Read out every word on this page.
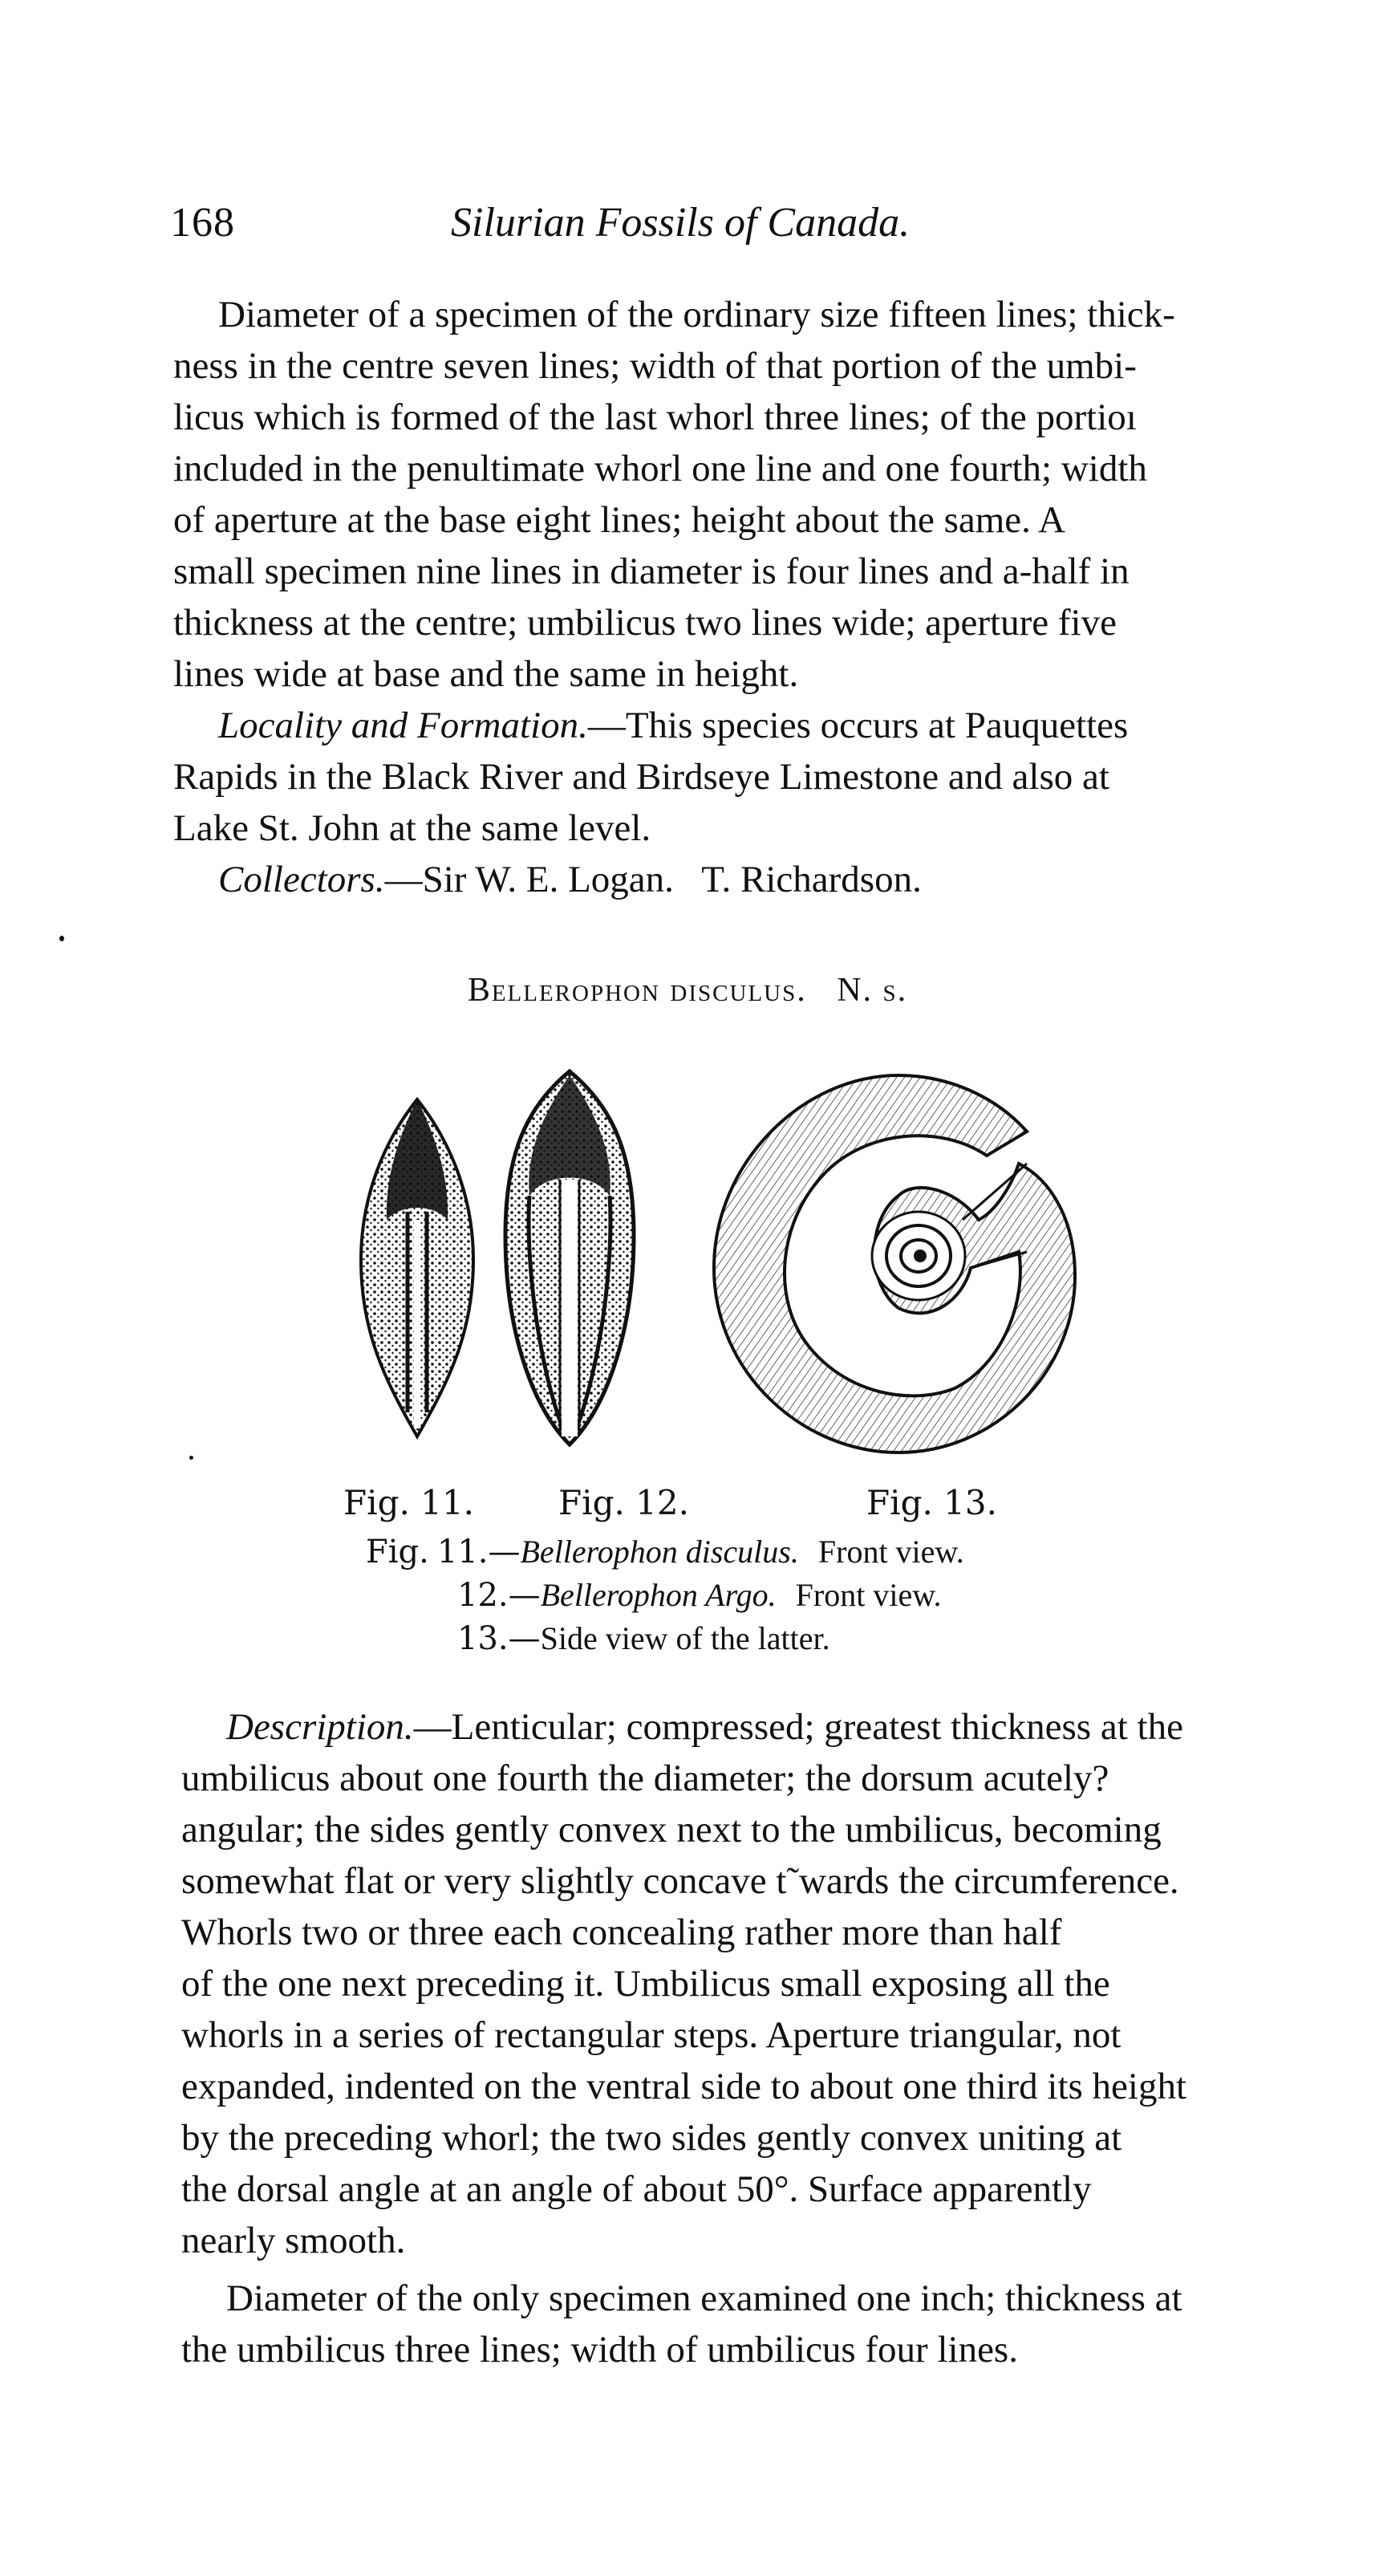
168	Silurian Fossils of Canada.
Diameter of a specimen of the ordinary size fifteen lines; thick-
ness in the centre seven lines; width of that portion of the umbi-
licus which is formed of the last whorl three lines; of the portioı
included in the penultimate whorl one line and one fourth; width
of aperture at the base eight lines; height about the same. A
small specimen nine lines in diameter is four lines and a-half in
thickness at the centre; umbilicus two lines wide; aperture five
lines wide at base and the same in height.
Locality and Formation.—This species occurs at Pauquettes
Rapids in the Black River and Birdseye Limestone and also at
Lake St. John at the same level.
Collectors.—Sir W. E. Logan.   T. Richardson.
Bellerophon disculus.   N. s.
Fig. 11.	Fig. 12.	Fig. 13.
Fig. 11.—Bellerophon disculus. Front view.
12.—Bellerophon Argo. Front view.
13.—Side view of the latter.
Description.—Lenticular; compressed; greatest thickness at the
umbilicus about one fourth the diameter; the dorsum acutely?
angular; the sides gently convex next to the umbilicus, becoming
somewhat flat or very slightly concave t˜wards the circumference.
Whorls two or three each concealing rather more than half
of the one next preceding it. Umbilicus small exposing all the
whorls in a series of rectangular steps. Aperture triangular, not
expanded, indented on the ventral side to about one third its height
by the preceding whorl; the two sides gently convex uniting at
the dorsal angle at an angle of about 50°. Surface apparently
nearly smooth.
Diameter of the only specimen examined one inch; thickness at
the umbilicus three lines; width of umbilicus four lines.
